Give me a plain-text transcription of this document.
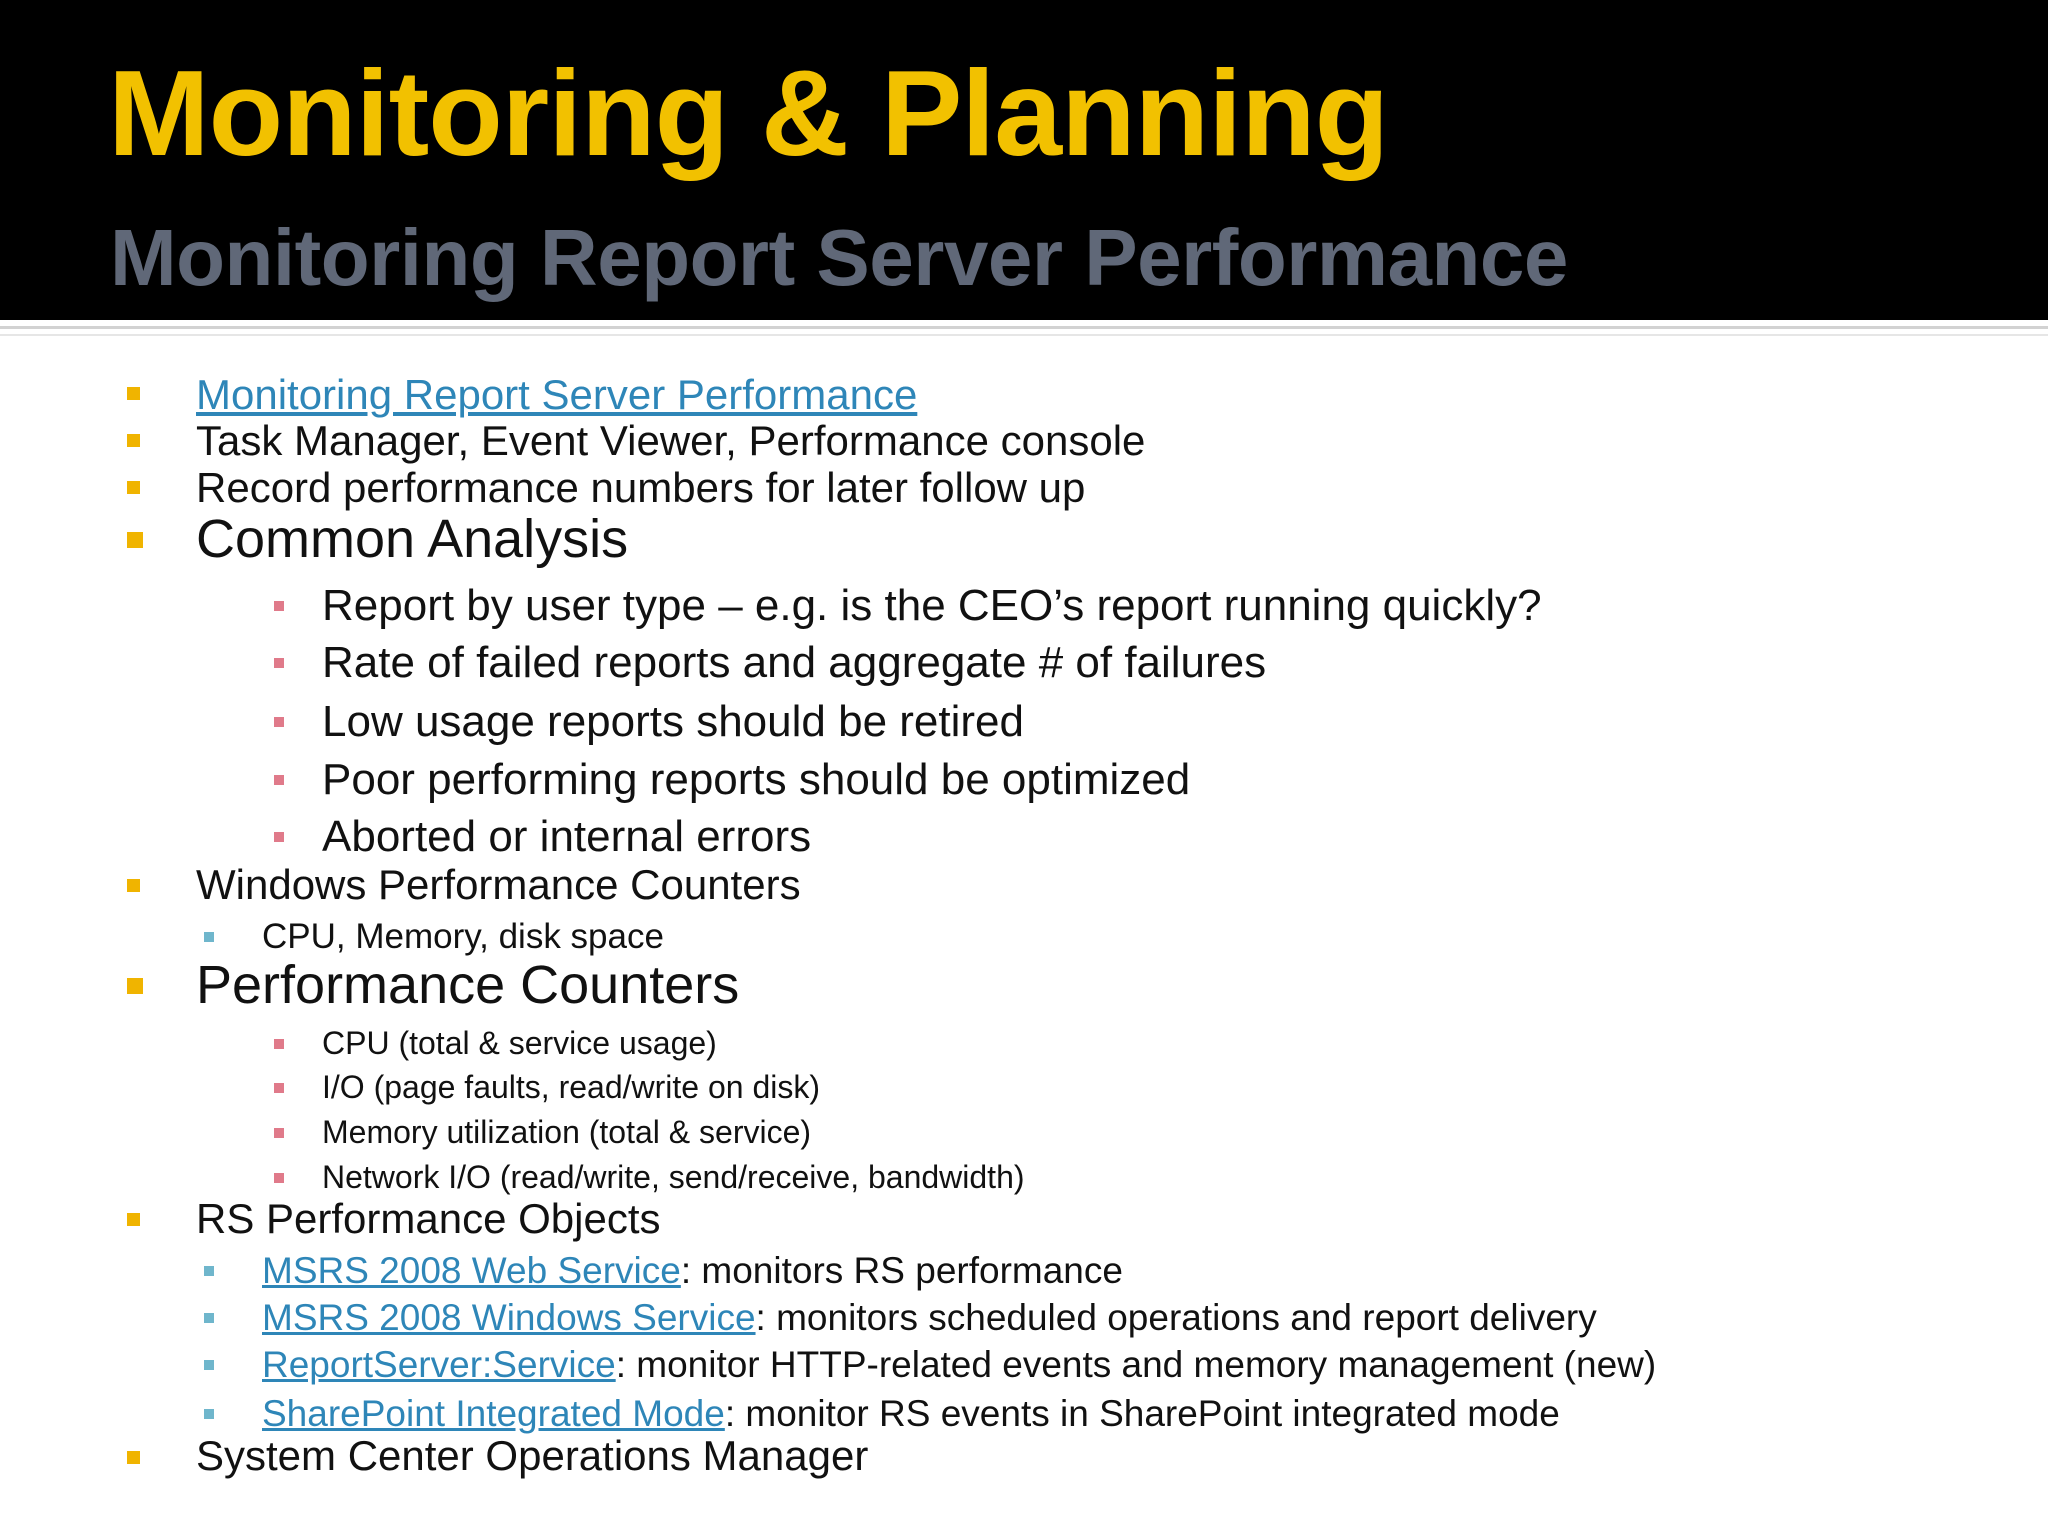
Monitoring & Planning
Monitoring Report Server Performance
Monitoring Report Server Performance
Task Manager, Event Viewer, Performance console
Record performance numbers for later follow up
Common Analysis
Report by user type – e.g. is the CEO’s report running quickly?
Rate of failed reports and aggregate # of failures
Low usage reports should be retired
Poor performing reports should be optimized
Aborted or internal errors
Windows Performance Counters
CPU, Memory, disk space
Performance Counters
CPU (total & service usage)
I/O (page faults, read/write on disk)
Memory utilization (total & service)
Network I/O (read/write, send/receive, bandwidth)
RS Performance Objects
MSRS 2008 Web Service: monitors RS performance
MSRS 2008 Windows Service: monitors scheduled operations and report delivery
ReportServer:Service: monitor HTTP-related events and memory management (new)
SharePoint Integrated Mode: monitor RS events in SharePoint integrated mode
System Center Operations Manager
